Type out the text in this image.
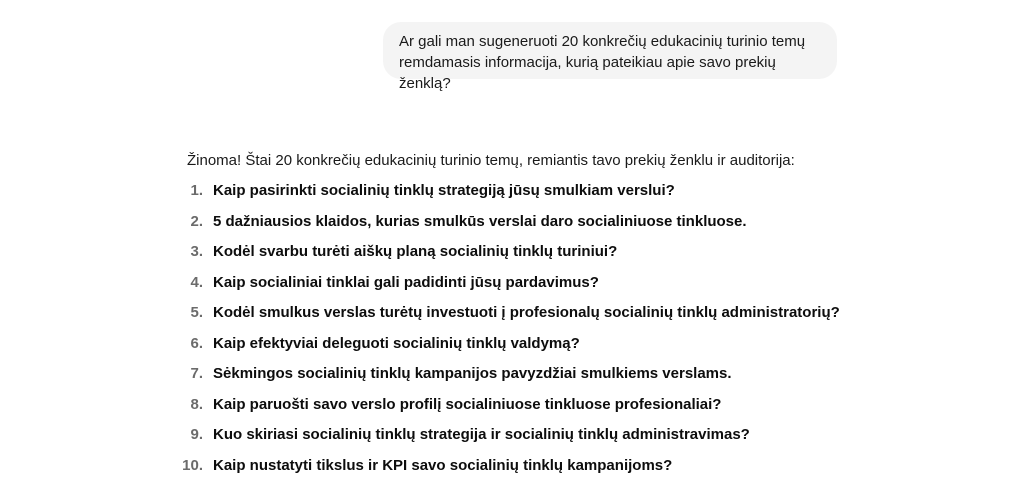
Ar gali man sugeneruoti 20 konkrečių edukacinių turinio temų remdamasis informacija, kurią pateikiau apie savo prekių ženklą?

Žinoma! Štai 20 konkrečių edukacinių turinio temų, remiantis tavo prekių ženklu ir auditorija:

1. Kaip pasirinkti socialinių tinklų strategiją jūsų smulkiam verslui?
2. 5 dažniausios klaidos, kurias smulkūs verslai daro socialiniuose tinkluose.
3. Kodėl svarbu turėti aiškų planą socialinių tinklų turiniui?
4. Kaip socialiniai tinklai gali padidinti jūsų pardavimus?
5. Kodėl smulkus verslas turėtų investuoti į profesionalų socialinių tinklų administratorių?
6. Kaip efektyviai deleguoti socialinių tinklų valdymą?
7. Sėkmingos socialinių tinklų kampanijos pavyzdžiai smulkiems verslams.
8. Kaip paruošti savo verslo profilį socialiniuose tinkluose profesionaliai?
9. Kuo skiriasi socialinių tinklų strategija ir socialinių tinklų administravimas?
10. Kaip nustatyti tikslus ir KPI savo socialinių tinklų kampanijoms?
